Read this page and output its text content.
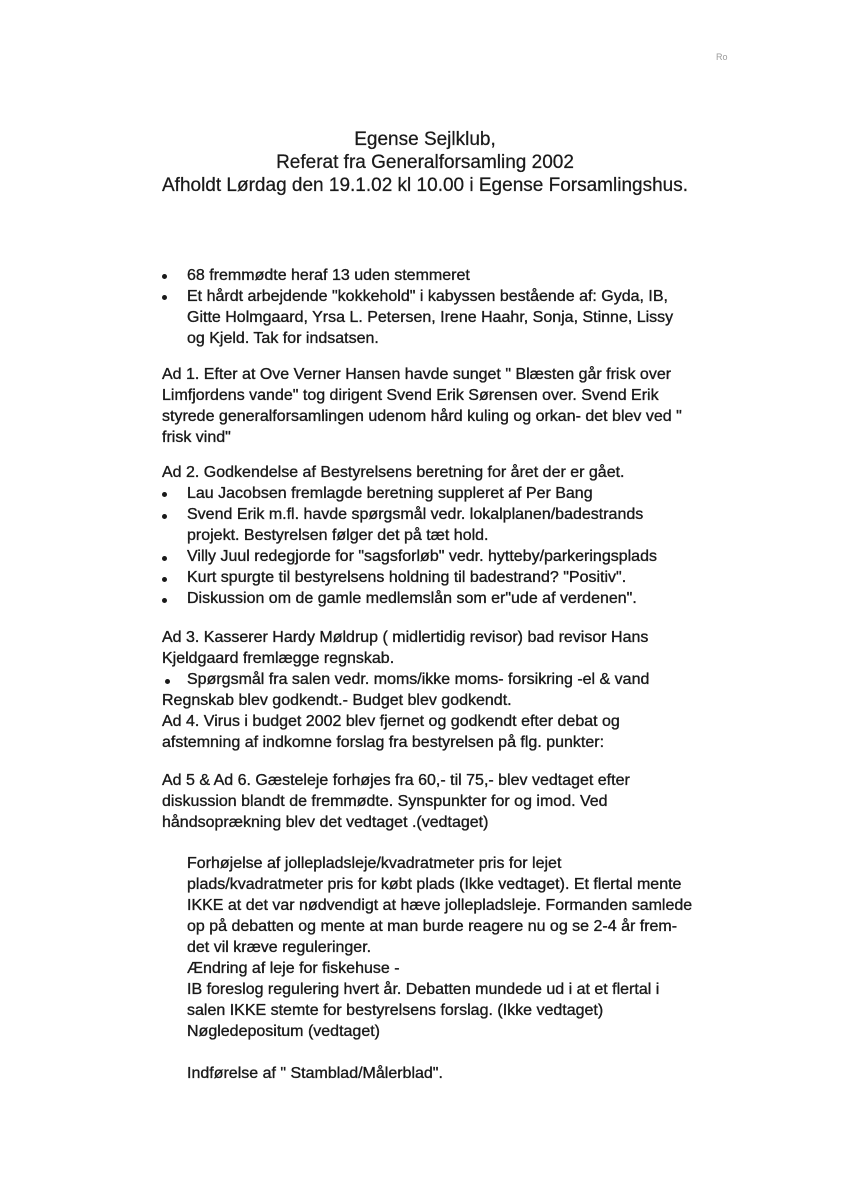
Ro
Egense Sejlklub,
Referat fra Generalforsamling 2002
Afholdt Lørdag den 19.1.02 kl 10.00 i Egense Forsamlingshus.

68 fremmødte heraf 13 uden stemmeret

Et hårdt arbejdende "kokkehold" i kabyssen bestående af: Gyda, IB,

Gitte Holmgaard, Yrsa L. Petersen, Irene Haahr, Sonja, Stinne, Lissy

og Kjeld. Tak for indsatsen.

Ad 1. Efter at Ove Verner Hansen havde sunget " Blæsten går frisk over

Limfjordens vande" tog dirigent Svend Erik Sørensen over. Svend Erik

styrede generalforsamlingen udenom hård kuling og orkan- det blev ved "

frisk vind"

Ad 2. Godkendelse af Bestyrelsens beretning for året der er gået.

Lau Jacobsen fremlagde beretning suppleret af Per Bang

Svend Erik m.fl. havde spørgsmål vedr. lokalplanen/badestrands

projekt. Bestyrelsen følger det på tæt hold.

Villy Juul redegjorde for "sagsforløb" vedr. hytteby/parkeringsplads

Kurt spurgte til bestyrelsens holdning til badestrand? "Positiv".

Diskussion om de gamle medlemslån som er"ude af verdenen".

Ad 3. Kasserer Hardy Møldrup ( midlertidig revisor) bad revisor Hans

Kjeldgaard fremlægge regnskab.

Spørgsmål fra salen vedr. moms/ikke moms- forsikring -el & vand

Regnskab blev godkendt.- Budget blev godkendt.

Ad 4. Virus i budget 2002 blev fjernet og godkendt efter debat og

afstemning af indkomne forslag fra bestyrelsen på flg. punkter:

Ad 5 & Ad 6. Gæsteleje forhøjes fra 60,- til 75,- blev vedtaget efter

diskussion blandt de fremmødte. Synspunkter for og imod. Ved

håndsoprækning blev det vedtaget .(vedtaget)

Forhøjelse af jollepladsleje/kvadratmeter pris for lejet

plads/kvadratmeter pris for købt plads (Ikke vedtaget). Et flertal mente

IKKE at det var nødvendigt at hæve jollepladsleje. Formanden samlede

op på debatten og mente at man burde reagere nu og se 2-4 år frem-

det vil kræve reguleringer.

Ændring af leje for fiskehuse -

IB foreslog regulering hvert år. Debatten mundede ud i at et flertal i

salen IKKE stemte for bestyrelsens forslag. (Ikke vedtaget)

Nøgledepositum (vedtaget)

Indførelse af " Stamblad/Målerblad".
